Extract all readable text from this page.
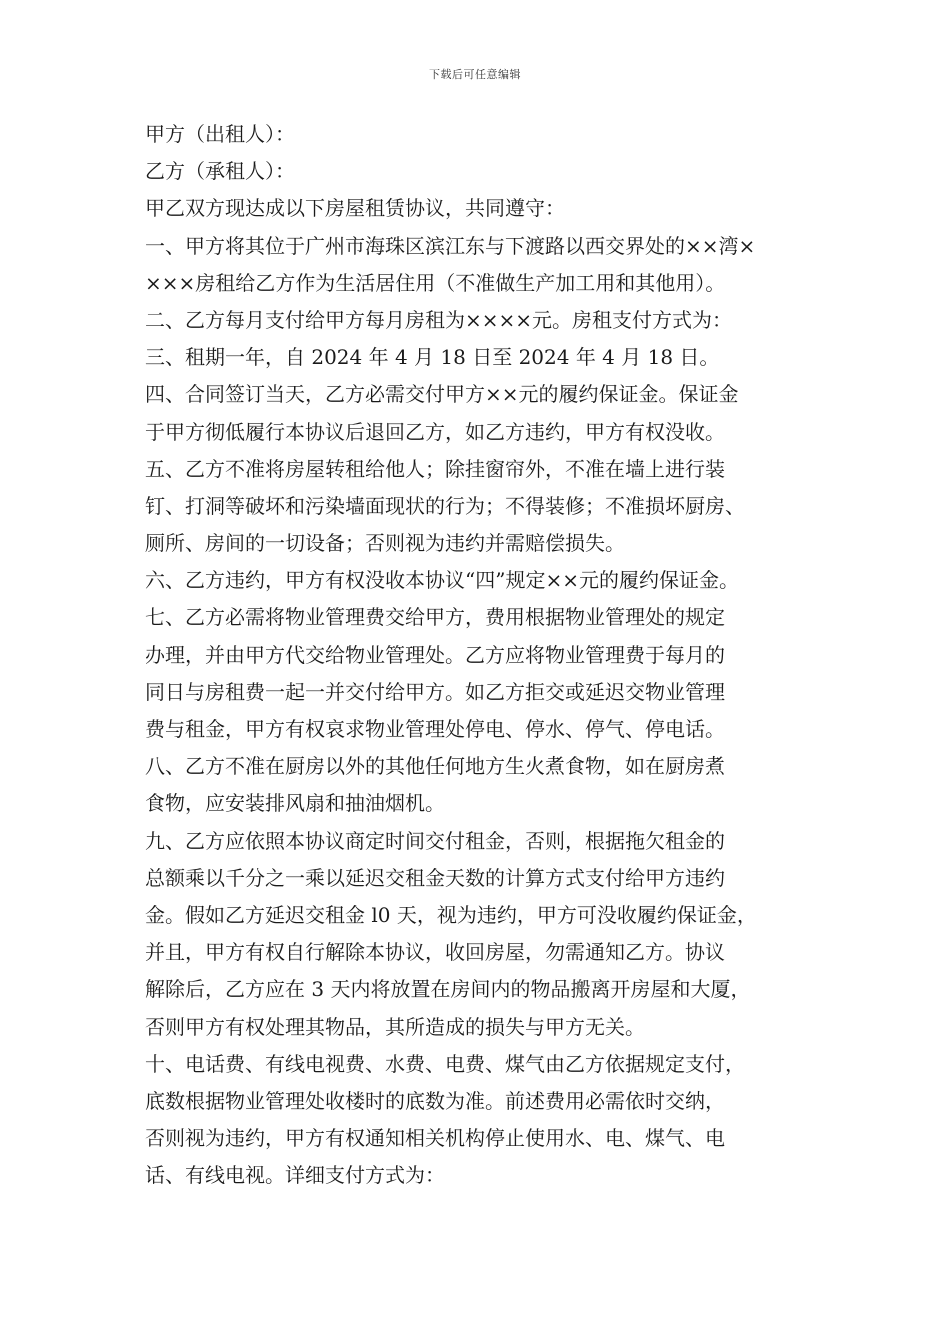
下载后可任意编辑
甲方（出租人）：
乙方（承租人）：
甲乙双方现达成以下房屋租赁协议，共同遵守：
一、甲方将其位于广州市海珠区滨江东与下渡路以西交界处的××湾×
×××房租给乙方作为生活居住用（不准做生产加工用和其他用）。
二、乙方每月支付给甲方每月房租为××××元。房租支付方式为：
三、租期一年，自 2024 年 4 月 18 日至 2024 年 4 月 18 日。
四、合同签订当天，乙方必需交付甲方××元的履约保证金。保证金
于甲方彻低履行本协议后退回乙方，如乙方违约，甲方有权没收。
五、乙方不准将房屋转租给他人；除挂窗帘外，不准在墙上进行装
钉、打洞等破坏和污染墙面现状的行为；不得装修；不准损坏厨房、
厕所、房间的一切设备；否则视为违约并需赔偿损失。
六、乙方违约，甲方有权没收本协议“四”规定××元的履约保证金。
七、乙方必需将物业管理费交给甲方，费用根据物业管理处的规定
办理，并由甲方代交给物业管理处。乙方应将物业管理费于每月的
同日与房租费一起一并交付给甲方。如乙方拒交或延迟交物业管理
费与租金，甲方有权哀求物业管理处停电、停水、停气、停电话。
八、乙方不准在厨房以外的其他任何地方生火煮食物，如在厨房煮
食物，应安装排风扇和抽油烟机。
九、乙方应依照本协议商定时间交付租金，否则，根据拖欠租金的
总额乘以千分之一乘以延迟交租金天数的计算方式支付给甲方违约
金。假如乙方延迟交租金 l0 天，视为违约，甲方可没收履约保证金，
并且，甲方有权自行解除本协议，收回房屋，勿需通知乙方。协议
解除后，乙方应在 3 天内将放置在房间内的物品搬离开房屋和大厦，
否则甲方有权处理其物品，其所造成的损失与甲方无关。
十、电话费、有线电视费、水费、电费、煤气由乙方依据规定支付，
底数根据物业管理处收楼时的底数为准。前述费用必需依时交纳，
否则视为违约，甲方有权通知相关机构停止使用水、电、煤气、电
话、有线电视。详细支付方式为：
